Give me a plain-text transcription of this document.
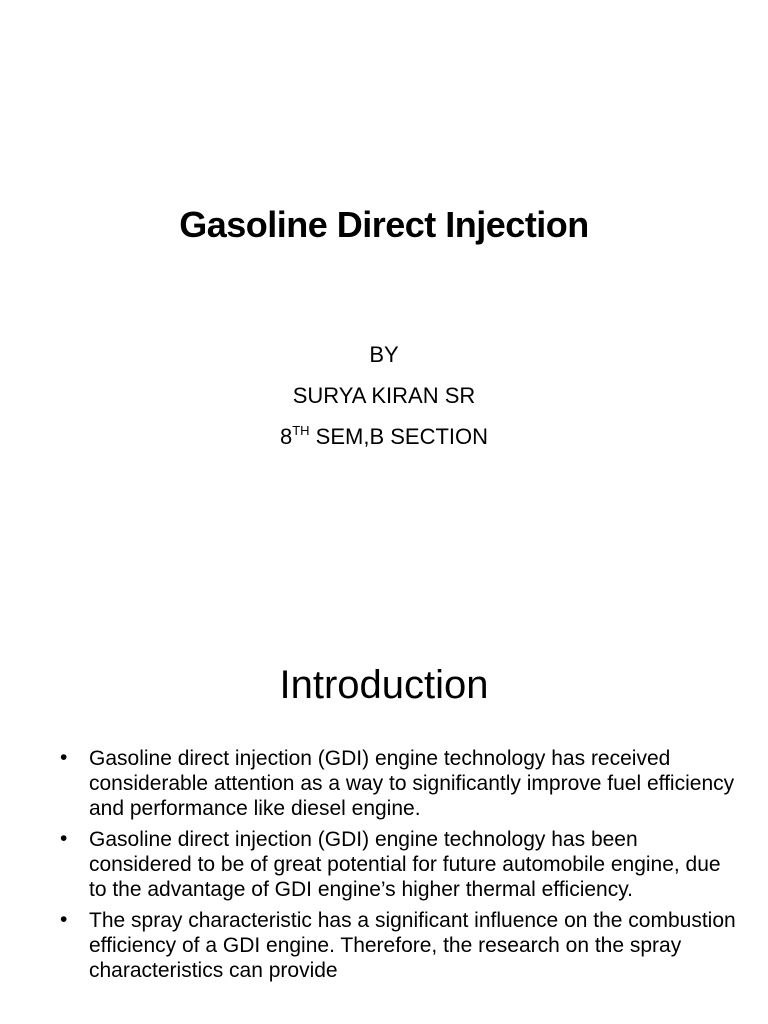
Gasoline Direct Injection
BY
SURYA KIRAN SR
8TH SEM,B SECTION
Introduction
• Gasoline direct injection (GDI) engine technology has received considerable attention as a way to significantly improve fuel efficiency and performance like diesel engine.
• Gasoline direct injection (GDI) engine technology has been considered to be of great potential for future automobile engine, due to the advantage of GDI engine’s higher thermal efficiency.
• The spray characteristic has a significant influence on the combustion efficiency of a GDI engine. Therefore, the research on the spray characteristics can provide
